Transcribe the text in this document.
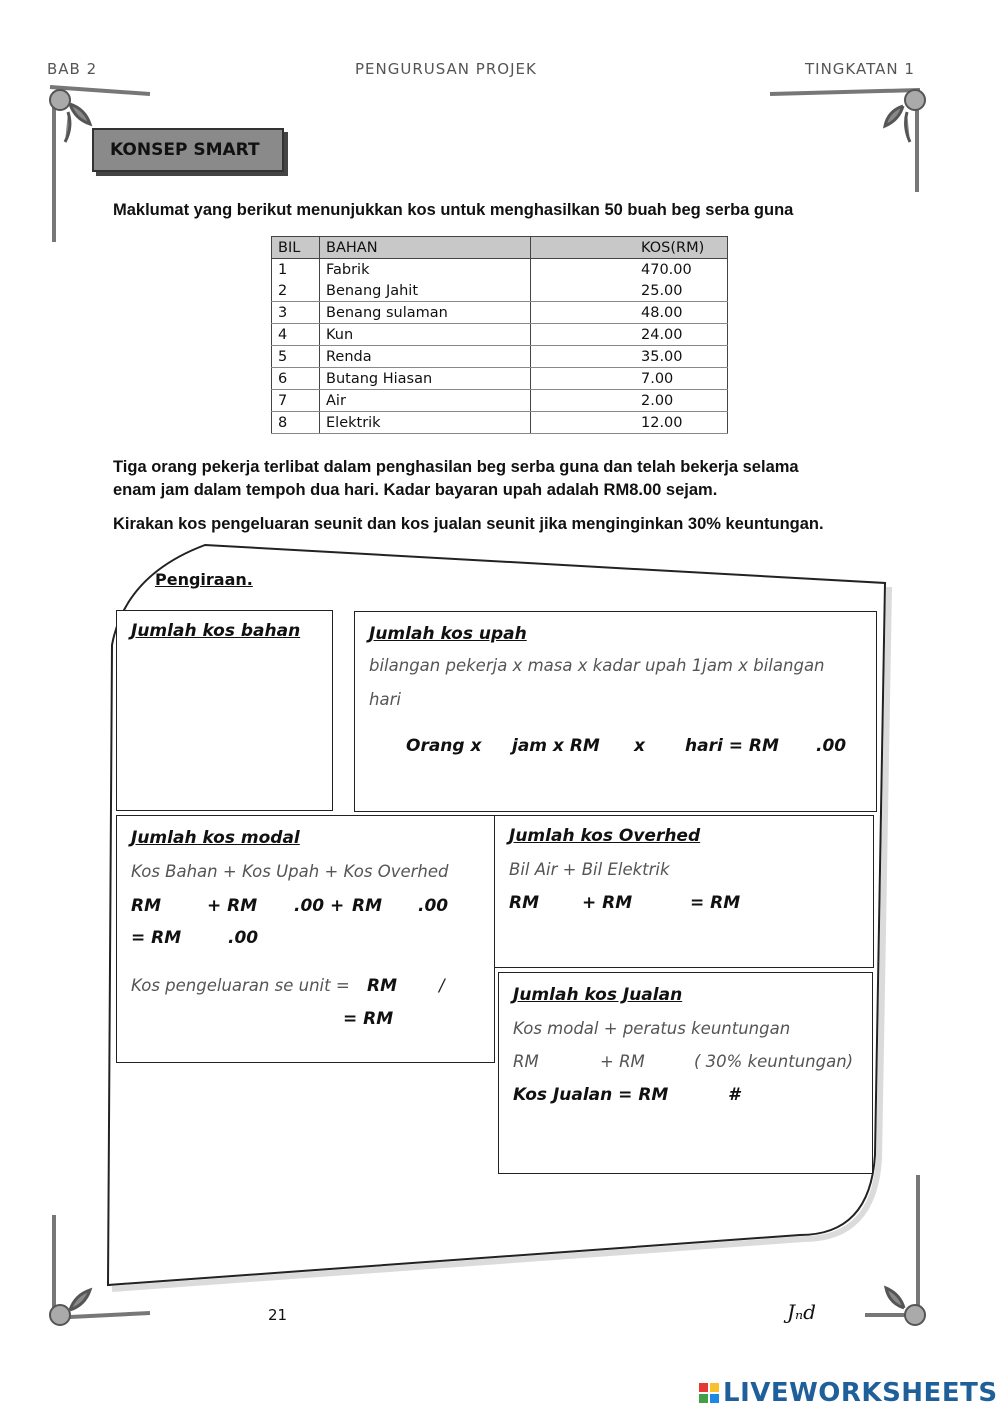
BAB 2	PENGURUSAN PROJEK	TINGKATAN 1
KONSEP SMART
Maklumat yang berikut menunjukkan kos untuk menghasilkan 50 buah beg serba guna
BIL	BAHAN	KOS(RM)
1	Fabrik	470.00
2	Benang Jahit	25.00
3	Benang sulaman	48.00
4	Kun	24.00
5	Renda	35.00
6	Butang Hiasan	7.00
7	Air	2.00
8	Elektrik	12.00
Tiga orang pekerja terlibat dalam penghasilan beg serba guna dan telah bekerja selama
enam jam dalam tempoh dua hari. Kadar bayaran upah adalah RM8.00 sejam.
Kirakan kos pengeluaran seunit dan kos jualan seunit jika menginginkan 30% keuntungan.
Pengiraan.
Jumlah kos bahan	Jumlah kos upah
bilangan pekerja x masa x kadar upah 1jam x bilangan
hari
Orang x jam x RM x hari = RM .00
Jumlah kos modal
Kos Bahan + Kos Upah + Kos Overhed
RM	+ RM .00 + RM .00
= RM	.00
Kos pengeluaran se unit = RM	/
= RM
Jumlah kos Overhed
Bil Air + Bil Elektrik
RM	+ RM	= RM
Jumlah kos Jualan
Kos modal + peratus keuntungan
RM	+ RM	( 30% keuntungan)
Kos Jualan = RM	#
21	Jₙd
LIVEWORKSHEETS
